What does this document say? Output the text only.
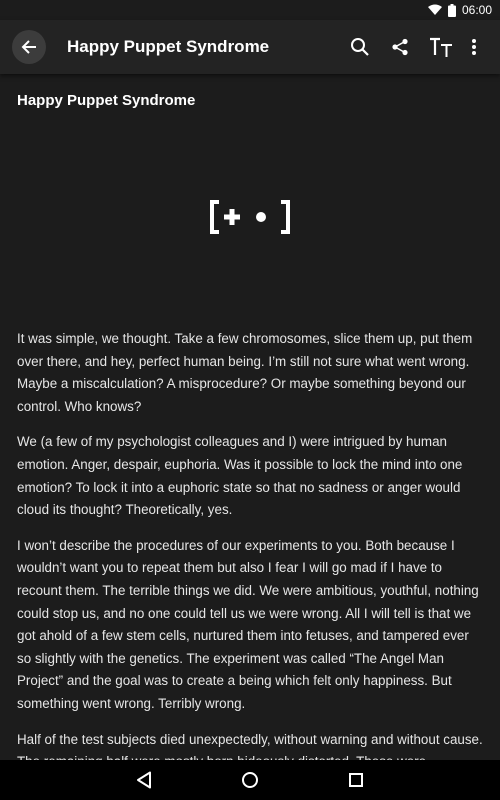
06:00
Happy Puppet Syndrome
Happy Puppet Syndrome

It was simple, we thought. Take a few chromosomes, slice them up, put them over there, and hey, perfect human being. I’m still not sure what went wrong. Maybe a miscalculation? A misprocedure? Or maybe something beyond our control. Who knows?

We (a few of my psychologist colleagues and I) were intrigued by human emotion. Anger, despair, euphoria. Was it possible to lock the mind into one emotion? To lock it into a euphoric state so that no sadness or anger would cloud its thought? Theoretically, yes.

I won’t describe the procedures of our experiments to you. Both because I wouldn’t want you to repeat them but also I fear I will go mad if I have to recount them. The terrible things we did. We were ambitious, youthful, nothing could stop us, and no one could tell us we were wrong. All I will tell is that we got ahold of a few stem cells, nurtured them into fetuses, and tampered ever so slightly with the genetics. The experiment was called “The Angel Man Project” and the goal was to create a being which felt only happiness. But something went wrong. Terribly wrong.

Half of the test subjects died unexpectedly, without warning and without cause.
